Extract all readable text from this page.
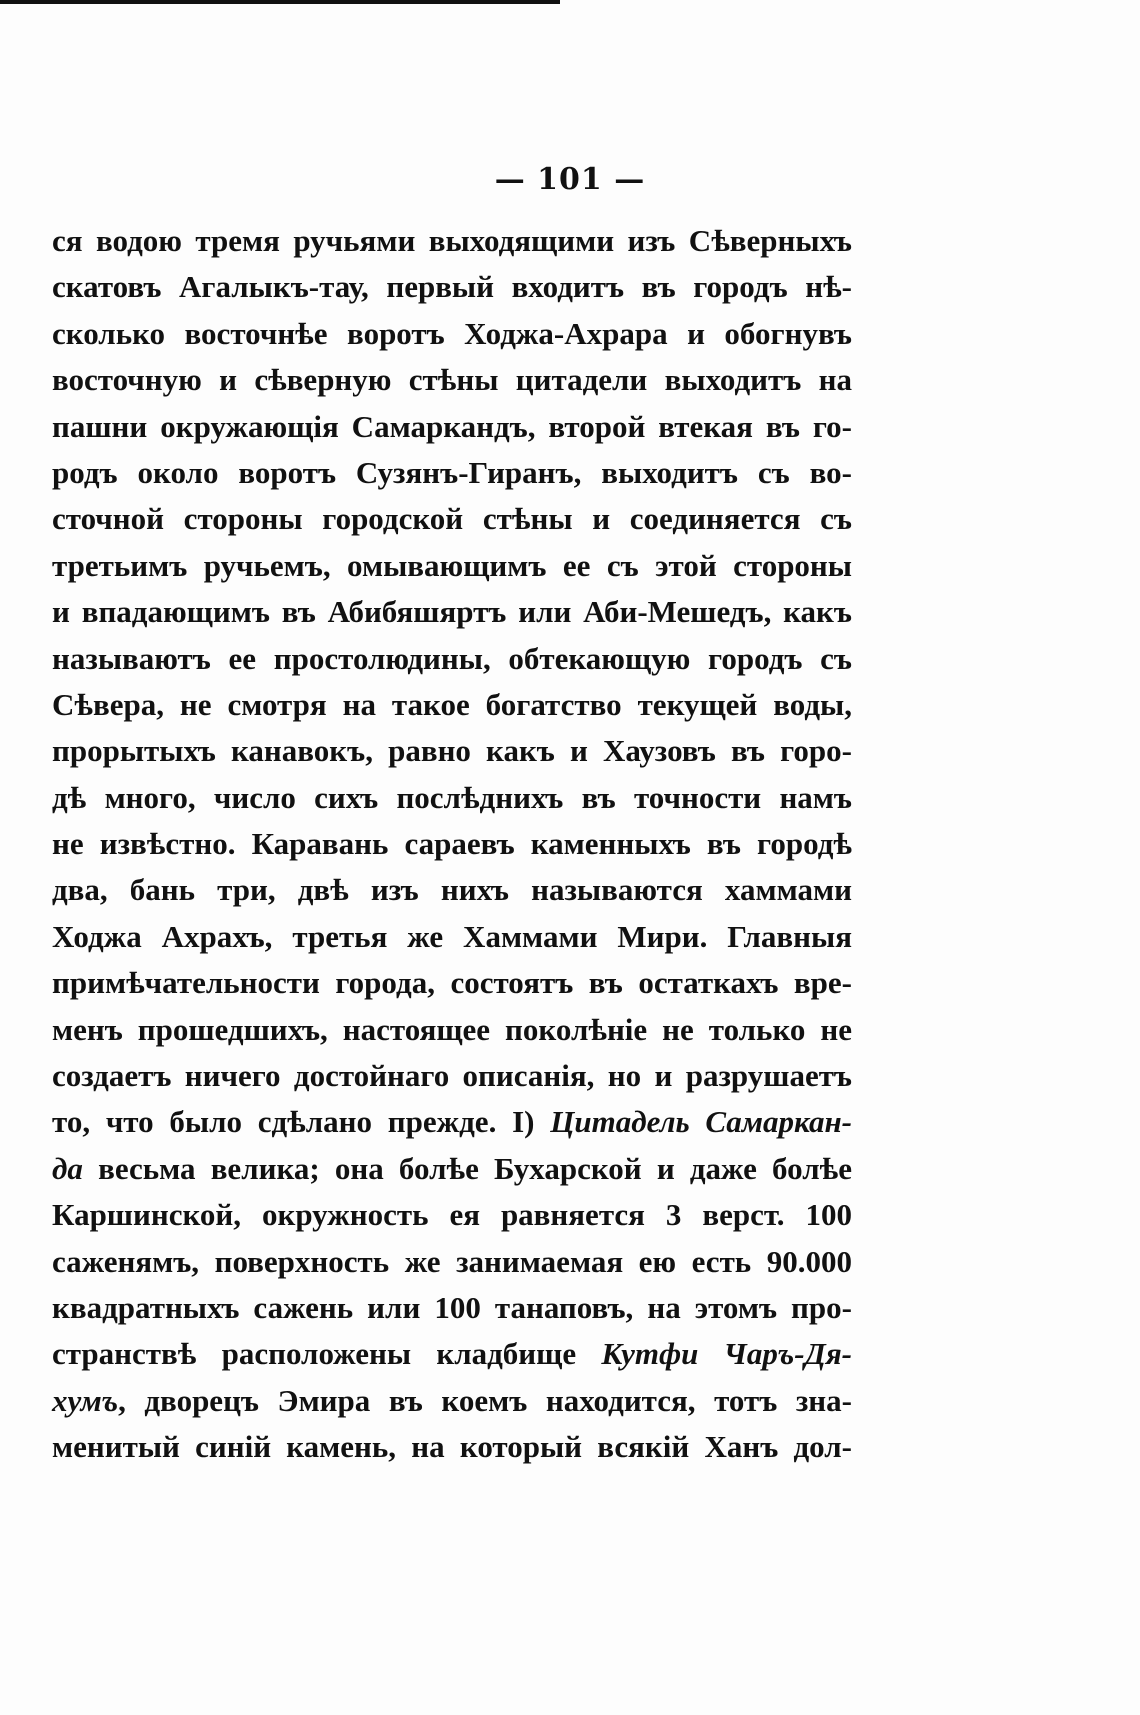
— 101 —
ся водою тремя ручьями выходящими изъ Сѣверныхъ
скатовъ Агалыкъ-тау, первый входитъ въ городъ нѣ-
сколько восточнѣе воротъ Ходжа-Ахрара и обогнувъ
восточную и сѣверную стѣны цитадели выходитъ на
пашни окружающія Самаркандъ, второй втекая въ го-
родъ около воротъ Сузянъ-Гиранъ, выходитъ съ во-
сточной стороны городской стѣны и соединяется съ
третьимъ ручьемъ, омывающимъ ее съ этой стороны
и впадающимъ въ Абибяшяртъ или Аби-Мешедъ, какъ
называютъ ее простолюдины, обтекающую городъ съ
Сѣвера, не смотря на такое богатство текущей воды,
прорытыхъ канавокъ, равно какъ и Хаузовъ въ горо-
дѣ много, число сихъ послѣднихъ въ точности намъ
не извѣстно. Каравань сараевъ каменныхъ въ городѣ
два, бань три, двѣ изъ нихъ называются хаммами
Ходжа Ахрахъ, третья же Хаммами Мири. Главныя
примѣчательности города, состоятъ въ остаткахъ вре-
менъ прошедшихъ, настоящее поколѣніе не только не
создаетъ ничего достойнаго описанія, но и разрушаетъ
то, что было сдѣлано прежде. I) Цитадель Самаркан-
да весьма велика; она болѣе Бухарской и даже болѣе
Каршинской, окружность ея равняется 3 верст. 100
саженямъ, поверхность же занимаемая ею есть 90.000
квадратныхъ сажень или 100 танаповъ, на этомъ про-
странствѣ расположены кладбище Кутфи Чаръ-Дя-
хумъ, дворецъ Эмира въ коемъ находится, тотъ зна-
менитый синій камень, на который всякій Ханъ дол-
